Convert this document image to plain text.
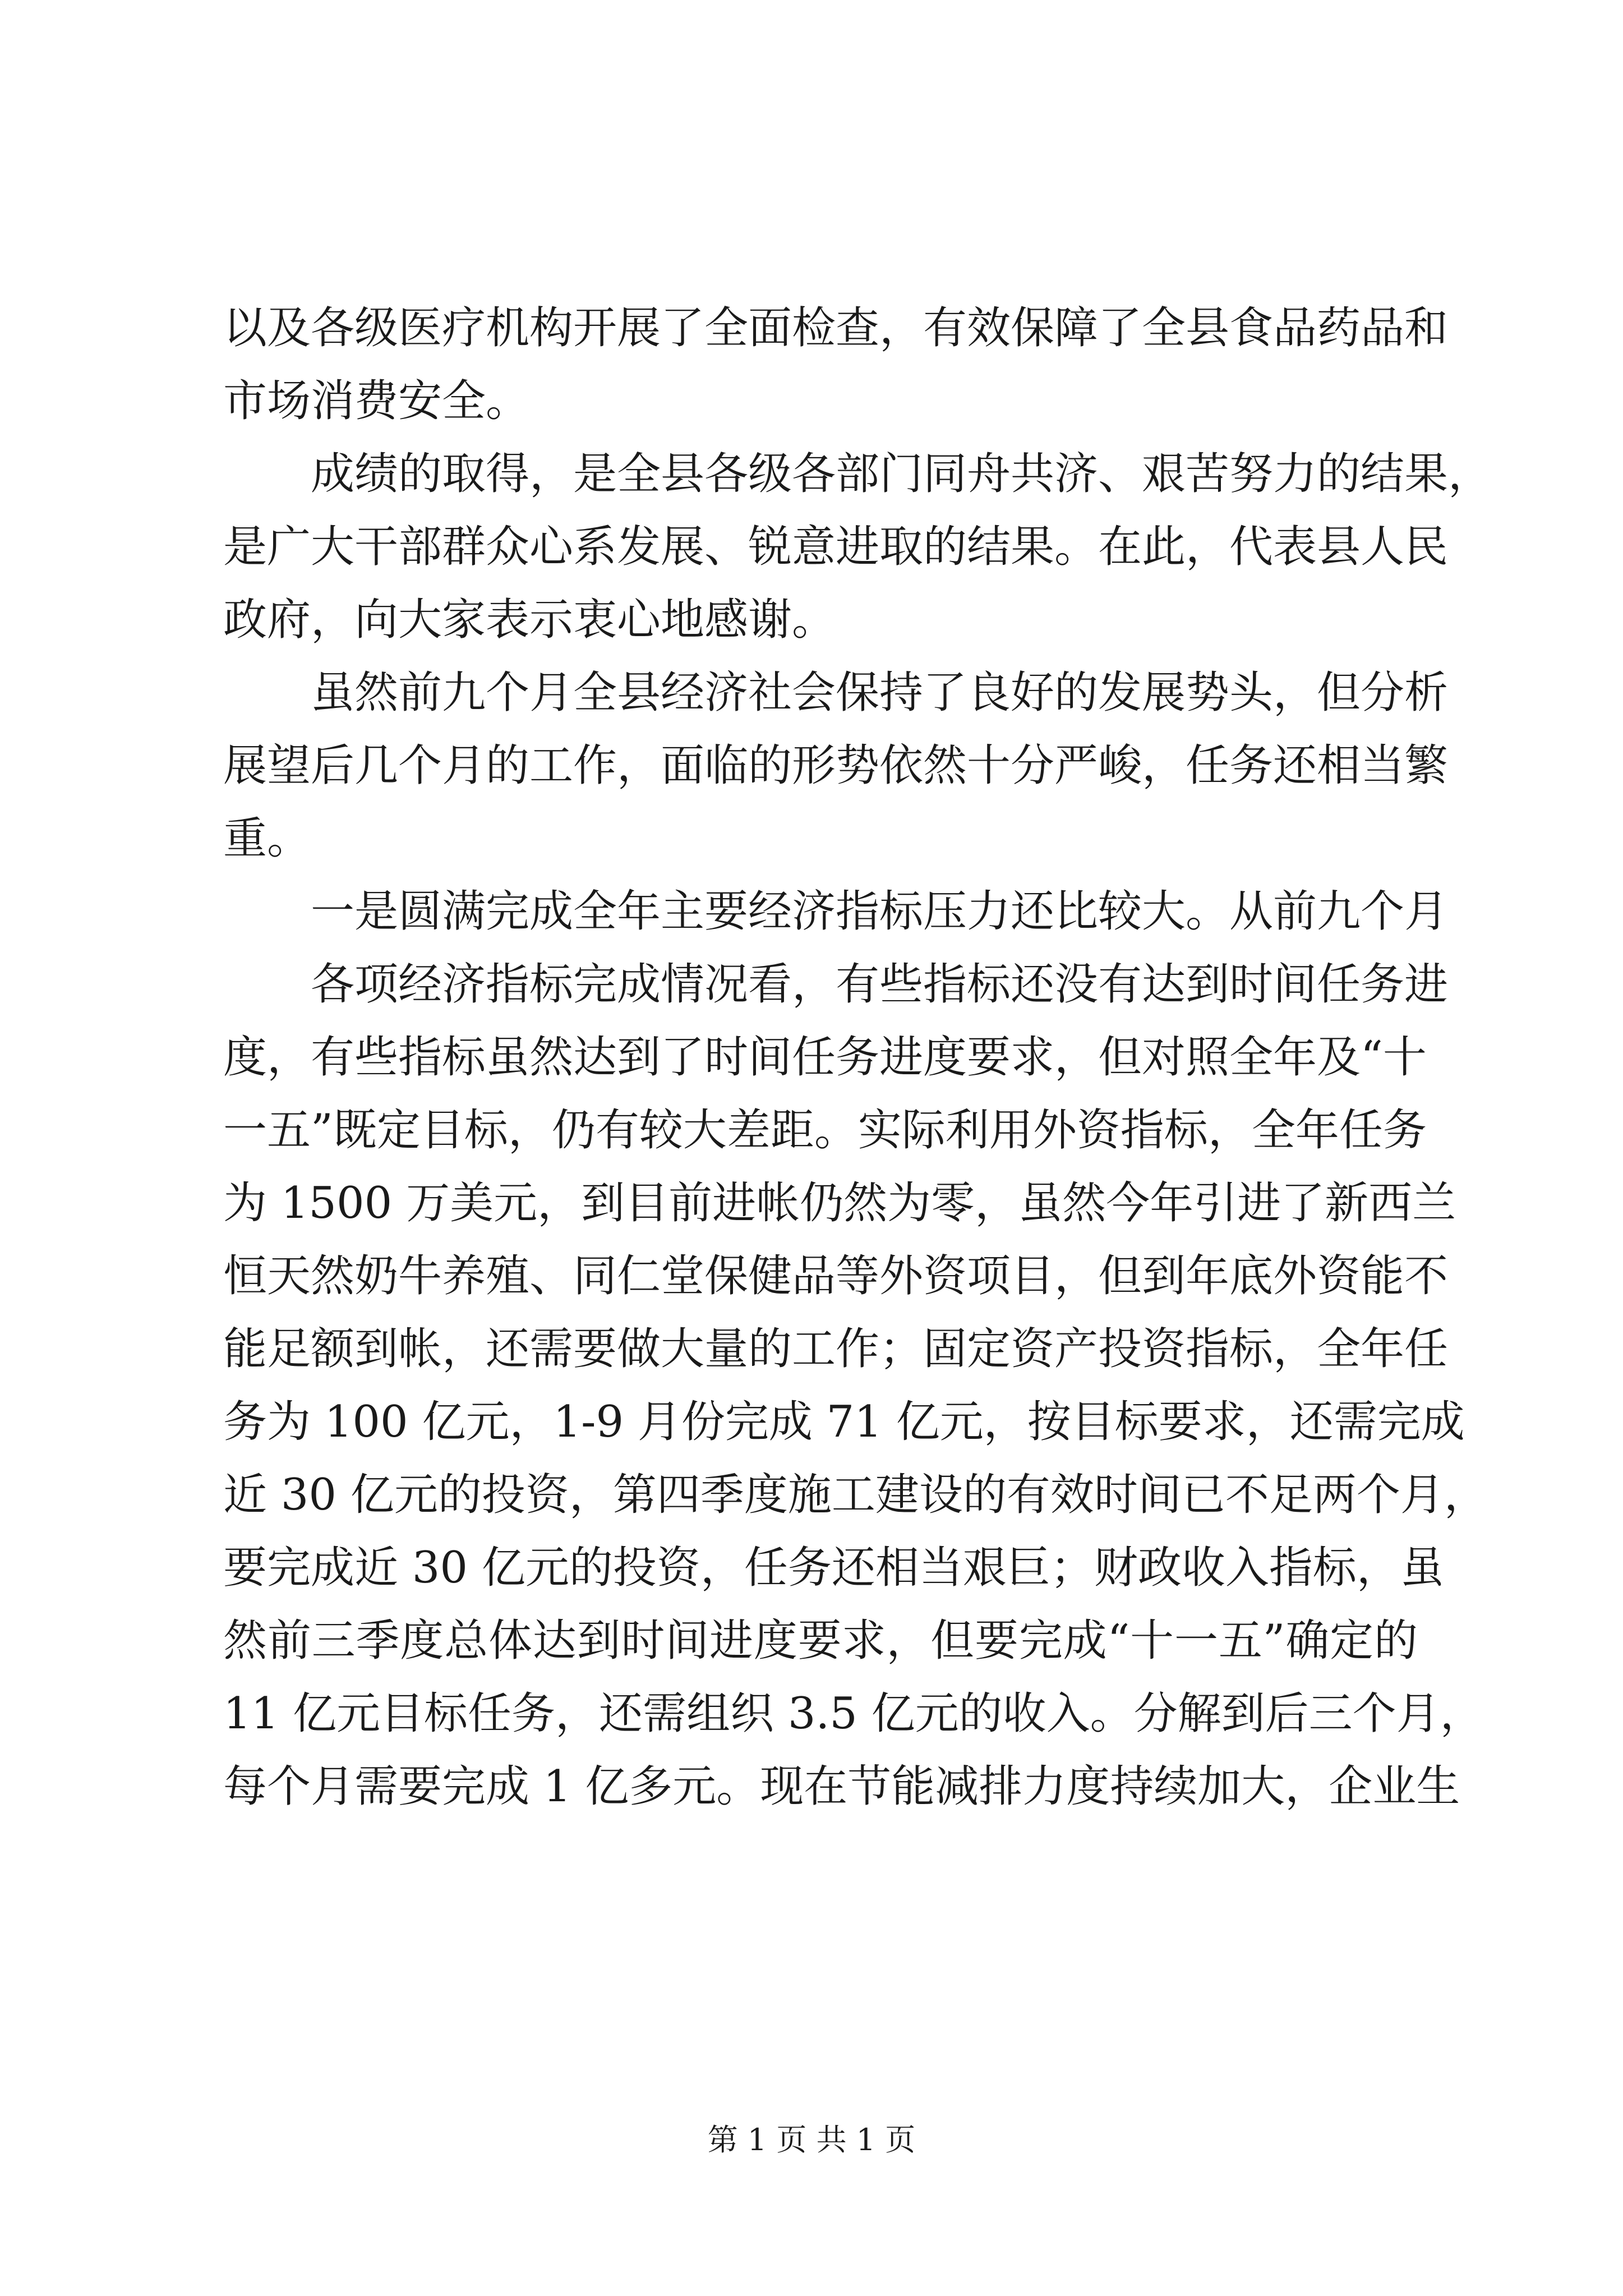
以及各级医疗机构开展了全面检查，有效保障了全县食品药品和
市场消费安全。
　　成绩的取得，是全县各级各部门同舟共济、艰苦努力的结果，
是广大干部群众心系发展、锐意进取的结果。在此，代表县人民
政府，向大家表示衷心地感谢。
　　虽然前九个月全县经济社会保持了良好的发展势头，但分析
展望后几个月的工作，面临的形势依然十分严峻，任务还相当繁
重。
　　一是圆满完成全年主要经济指标压力还比较大。从前九个月
　　各项经济指标完成情况看，有些指标还没有达到时间任务进
度，有些指标虽然达到了时间任务进度要求，但对照全年及“十
一五”既定目标，仍有较大差距。实际利用外资指标，全年任务
为 1500 万美元，到目前进帐仍然为零，虽然今年引进了新西兰
恒天然奶牛养殖、同仁堂保健品等外资项目，但到年底外资能不
能足额到帐，还需要做大量的工作；固定资产投资指标，全年任
务为 100 亿元，1-9 月份完成 71 亿元，按目标要求，还需完成
近 30 亿元的投资，第四季度施工建设的有效时间已不足两个月，
要完成近 30 亿元的投资，任务还相当艰巨；财政收入指标，虽
然前三季度总体达到时间进度要求，但要完成“十一五”确定的
11 亿元目标任务，还需组织 3.5 亿元的收入。分解到后三个月，
每个月需要完成 1 亿多元。现在节能减排力度持续加大，企业生
第 1 页 共 1 页
